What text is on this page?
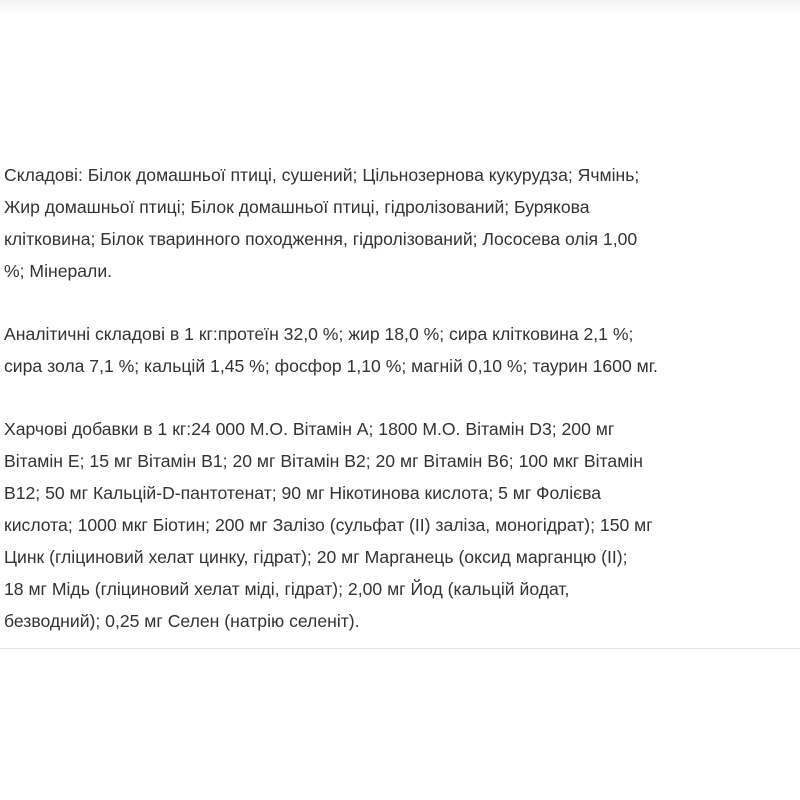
Складові: Білок домашньої птиці, сушений; Цільнозернова кукурудза; Ячмінь;
Жир домашньої птиці; Білок домашньої птиці, гідролізований; Бурякова
клітковина; Білок тваринного походження, гідролізований; Лососева олія 1,00
%; Мінерали.

Аналітичні складові в 1 кг:протеїн 32,0 %; жир 18,0 %; сира клітковина 2,1 %;
сира зола 7,1 %; кальцій 1,45 %; фосфор 1,10 %; магній 0,10 %; таурин 1600 мг.

Харчові добавки в 1 кг:24 000 М.О. Вітамін А; 1800 М.О. Вітамін D3; 200 мг
Вітамін Е; 15 мг Вітамін В1; 20 мг Вітамін В2; 20 мг Вітамін В6; 100 мкг Вітамін
В12; 50 мг Кальцій-D-пантотенат; 90 мг Нікотинова кислота; 5 мг Фолієва
кислота; 1000 мкг Біотин; 200 мг Залізо (сульфат (ІІ) заліза, моногідрат); 150 мг
Цинк (гліциновий хелат цинку, гідрат); 20 мг Марганець (оксид марганцю (ІІ);
18 мг Мідь (гліциновий хелат міді, гідрат); 2,00 мг Йод (кальцій йодат,
безводний); 0,25 мг Селен (натрію селеніт).
